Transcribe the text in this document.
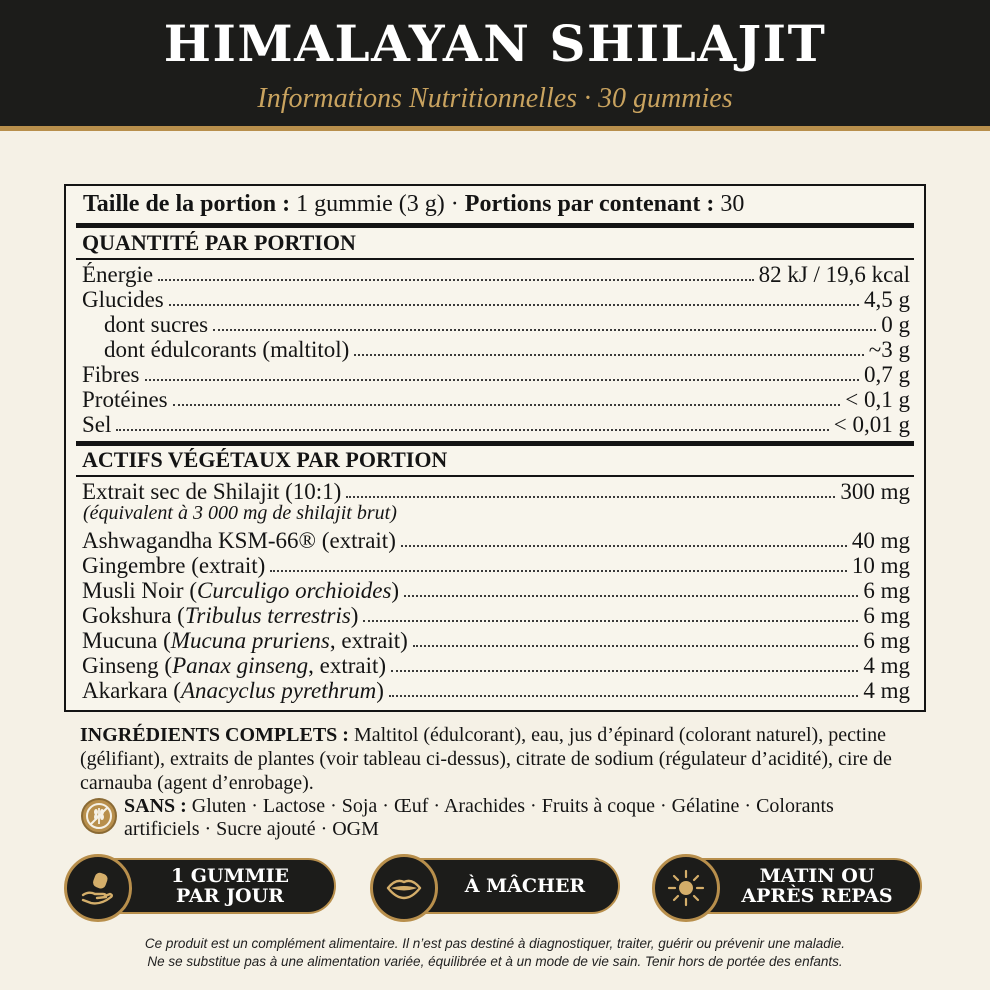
HIMALAYAN SHILAJIT
Informations Nutritionnelles · 30 gummies
Taille de la portion : 1 gummie (3 g) · Portions par contenant : 30
QUANTITÉ PAR PORTION
Énergie	82 kJ / 19,6 kcal
Glucides	4,5 g
dont sucres	0 g
dont édulcorants (maltitol)	~3 g
Fibres	0,7 g
Protéines	< 0,1 g
Sel	< 0,01 g
ACTIFS VÉGÉTAUX PAR PORTION
Extrait sec de Shilajit (10:1)	300 mg
(équivalent à 3 000 mg de shilajit brut)
Ashwagandha KSM-66® (extrait)	40 mg
Gingembre (extrait)	10 mg
Musli Noir (Curculigo orchioides)	6 mg
Gokshura (Tribulus terrestris)	6 mg
Mucuna (Mucuna pruriens, extrait)	6 mg
Ginseng (Panax ginseng, extrait)	4 mg
Akarkara (Anacyclus pyrethrum)	4 mg
INGRÉDIENTS COMPLETS : Maltitol (édulcorant), eau, jus d’épinard (colorant naturel), pectine (gélifiant), extraits de plantes (voir tableau ci-dessus), citrate de sodium (régulateur d’acidité), cire de carnauba (agent d’enrobage).
SANS : Gluten · Lactose · Soja · Œuf · Arachides · Fruits à coque · Gélatine · Colorants artificiels · Sucre ajouté · OGM
1 GUMMIE
PAR JOUR	À MÂCHER	MATIN OU
APRÈS REPAS
Ce produit est un complément alimentaire. Il n’est pas destiné à diagnostiquer, traiter, guérir ou prévenir une maladie.
Ne se substitue pas à une alimentation variée, équilibrée et à un mode de vie sain. Tenir hors de portée des enfants.
